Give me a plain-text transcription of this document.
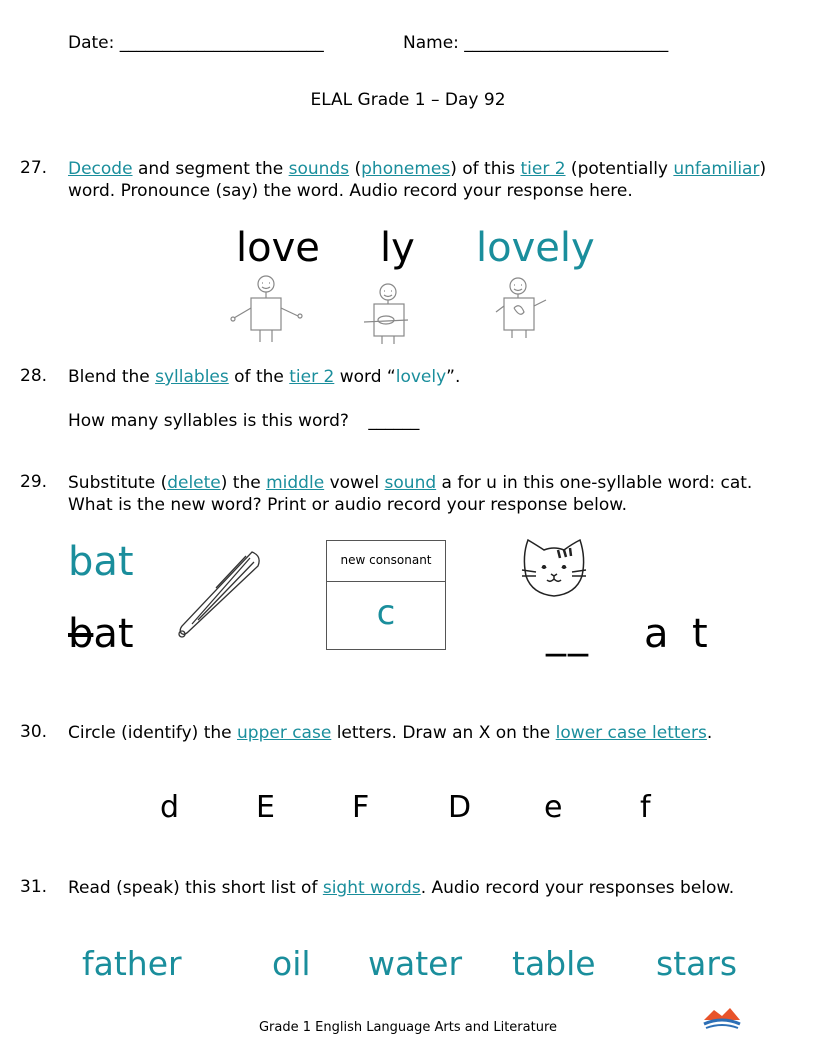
Date: ________________________	Name: ________________________
ELAL Grade 1 – Day 92
27. Decode and segment the sounds (phonemes) of this tier 2 (potentially unfamiliar)
word. Pronounce (say) the word. Audio record your response here.
love ly lovely
28. Blend the syllables of the tier 2 word “lovely”.
How many syllables is this word? ______
29. Substitute (delete) the middle vowel sound a for u in this one-syllable word: cat.
What is the new word? Print or audio record your response below.
bat
bat
new consonant
c	__ a t
30. Circle (identify) the upper case letters. Draw an X on the lower case letters.
d	E	F	D e	f
31. Read (speak) this short list of sight words. Audio record your responses below.
father	oil water table stars
Grade 1 English Language Arts and Literature
